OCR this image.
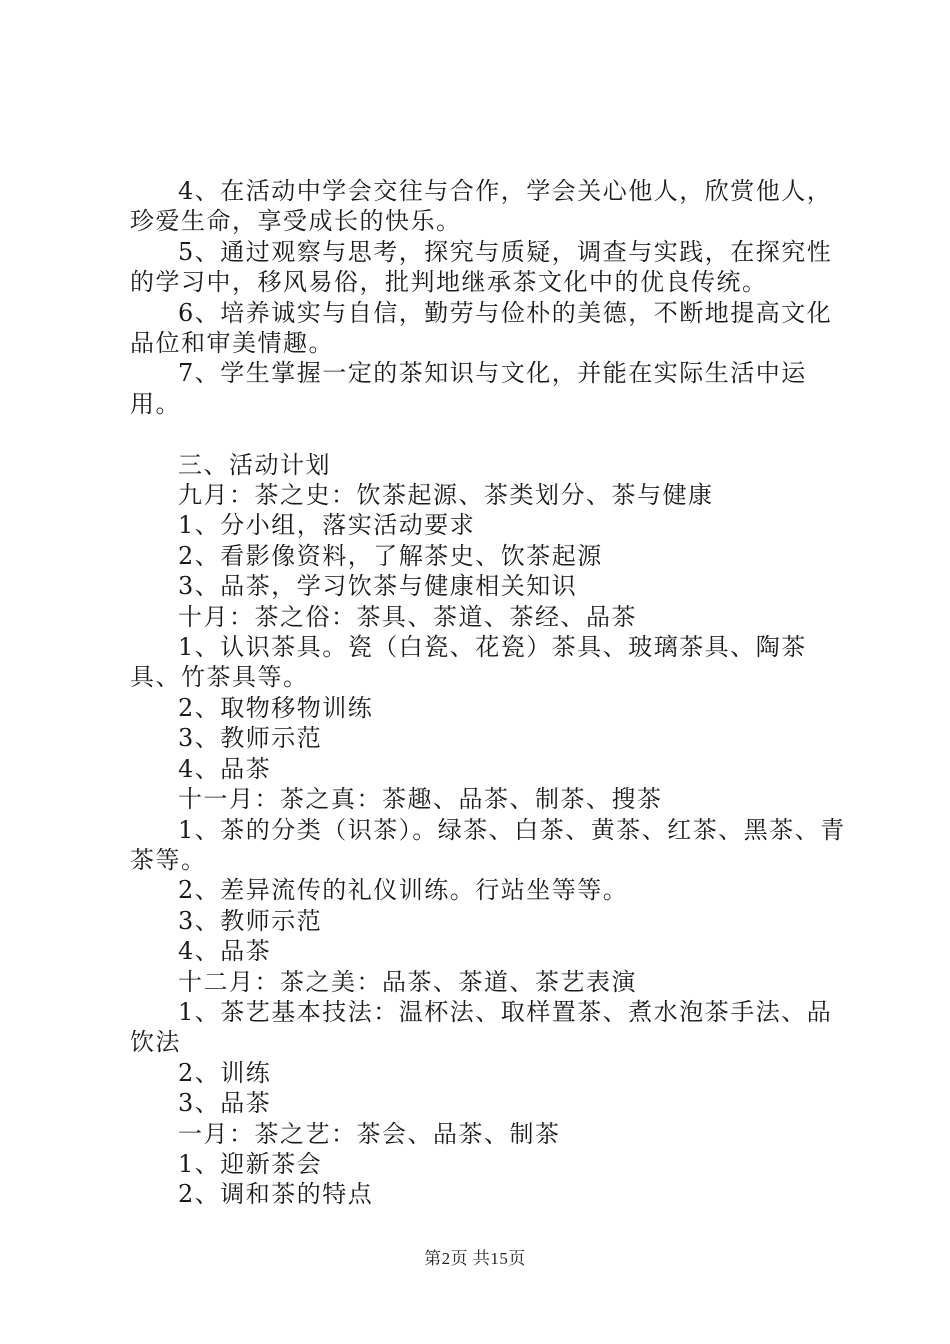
4、在活动中学会交往与合作，学会关心他人，欣赏他人，珍爱生命，享受成长的快乐。

5、通过观察与思考，探究与质疑，调查与实践，在探究性的学习中，移风易俗，批判地继承茶文化中的优良传统。

6、培养诚实与自信，勤劳与俭朴的美德，不断地提高文化品位和审美情趣。

7、学生掌握一定的茶知识与文化，并能在实际生活中运用。

三、活动计划

九月：茶之史：饮茶起源、茶类划分、茶与健康

1、分小组，落实活动要求

2、看影像资料，了解茶史、饮茶起源

3、品茶，学习饮茶与健康相关知识

十月：茶之俗：茶具、茶道、茶经、品茶

1、认识茶具。瓷（白瓷、花瓷）茶具、玻璃茶具、陶茶具、竹茶具等。

2、取物移物训练

3、教师示范

4、品茶

十一月：茶之真：茶趣、品茶、制茶、搜茶

1、茶的分类（识茶）。绿茶、白茶、黄茶、红茶、黑茶、青茶等。

2、差异流传的礼仪训练。行站坐等等。

3、教师示范

4、品茶

十二月：茶之美：品茶、茶道、茶艺表演

1、茶艺基本技法：温杯法、取样置茶、煮水泡茶手法、品饮法

2、训练

3、品茶

一月：茶之艺：茶会、品茶、制茶

1、迎新茶会

2、调和茶的特点

第2页 共15页
